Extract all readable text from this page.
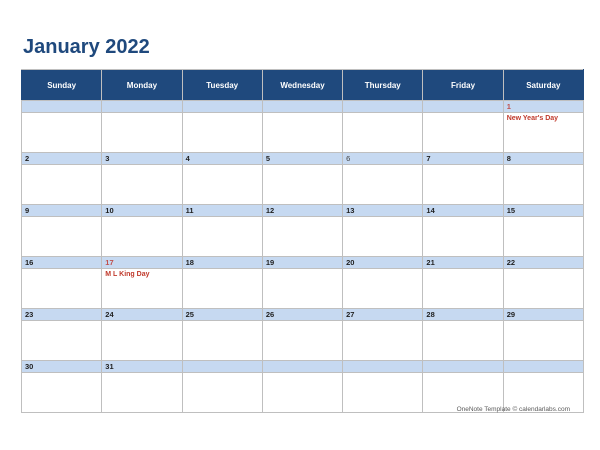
January 2022
Sunday	Monday	Tuesday	Wednesday	Thursday	Friday	Saturday
						1

						New Year's Day

2	3	4	5	6	7	8

9	10	11	12	13	14	15

16	17	18	19	20	21	22

	M L King Day					

23	24	25	26	27	28	29

30	31					

OneNote Template © calendarlabs.com
